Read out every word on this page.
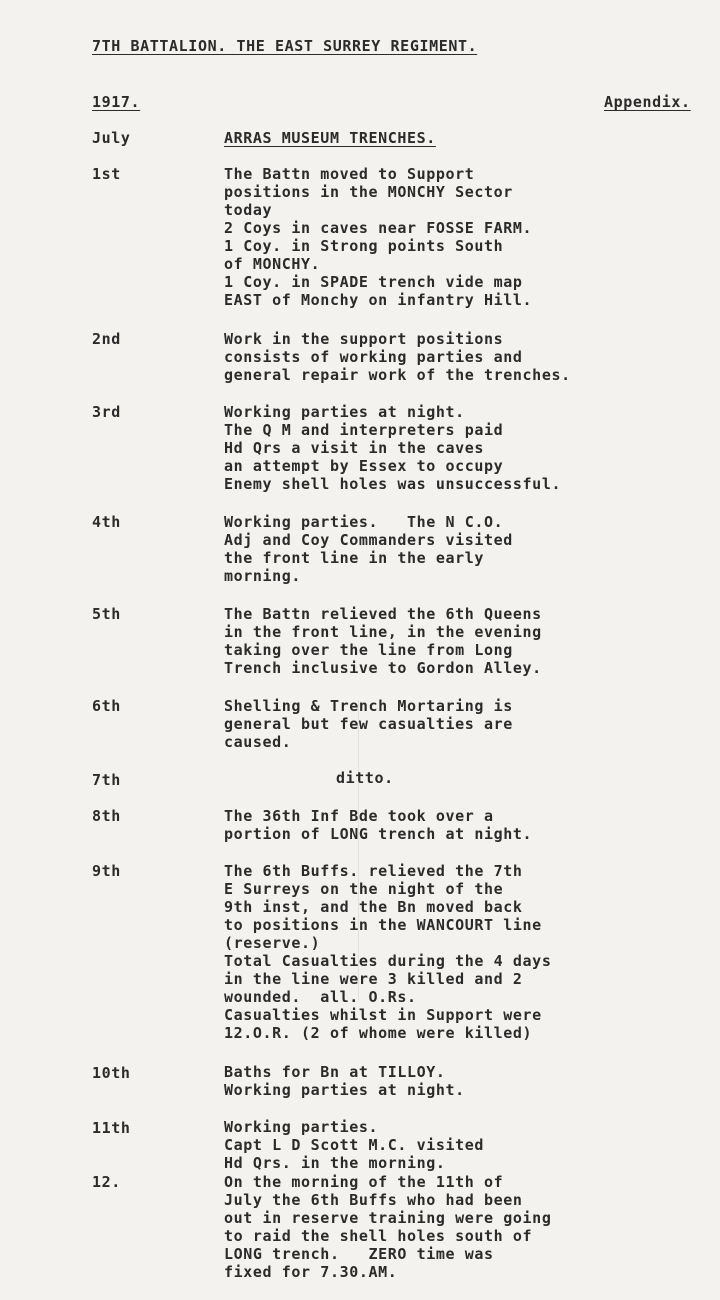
7TH BATTALION. THE EAST SURREY REGIMENT.
1917.	Appendix.
July	ARRAS MUSEUM TRENCHES.
1st	The Battn moved to Support
positions in the MONCHY Sector
today
2 Coys in caves near FOSSE FARM.
1 Coy. in Strong points South
of MONCHY.
1 Coy. in SPADE trench vide map
EAST of Monchy on infantry Hill.
2nd	Work in the support positions
consists of working parties and
general repair work of the trenches.
3rd	Working parties at night.
The Q M and interpreters paid
Hd Qrs a visit in the caves
an attempt by Essex to occupy
Enemy shell holes was unsuccessful.
4th	Working parties.   The N C.O.
Adj and Coy Commanders visited
the front line in the early
morning.
5th	The Battn relieved the 6th Queens
in the front line, in the evening
taking over the line from Long
Trench inclusive to Gordon Alley.
6th	Shelling & Trench Mortaring is
general but few casualties are
caused.
7th	ditto.
8th	The 36th Inf Bde took over a
portion of LONG trench at night.
9th	The 6th Buffs. relieved the 7th
E Surreys on the night of the
9th inst, and the Bn moved back
to positions in the WANCOURT line
(reserve.)
Total Casualties during the 4 days
in the line were 3 killed and 2
wounded.  all. O.Rs.
Casualties whilst in Support were
12.O.R. (2 of whome were killed)
10th	Baths for Bn at TILLOY.
Working parties at night.
11th	Working parties.
Capt L D Scott M.C. visited
Hd Qrs. in the morning.
12.	On the morning of the 11th of
July the 6th Buffs who had been
out in reserve training were going
to raid the shell holes south of
LONG trench.   ZERO time was
fixed for 7.30.AM.
